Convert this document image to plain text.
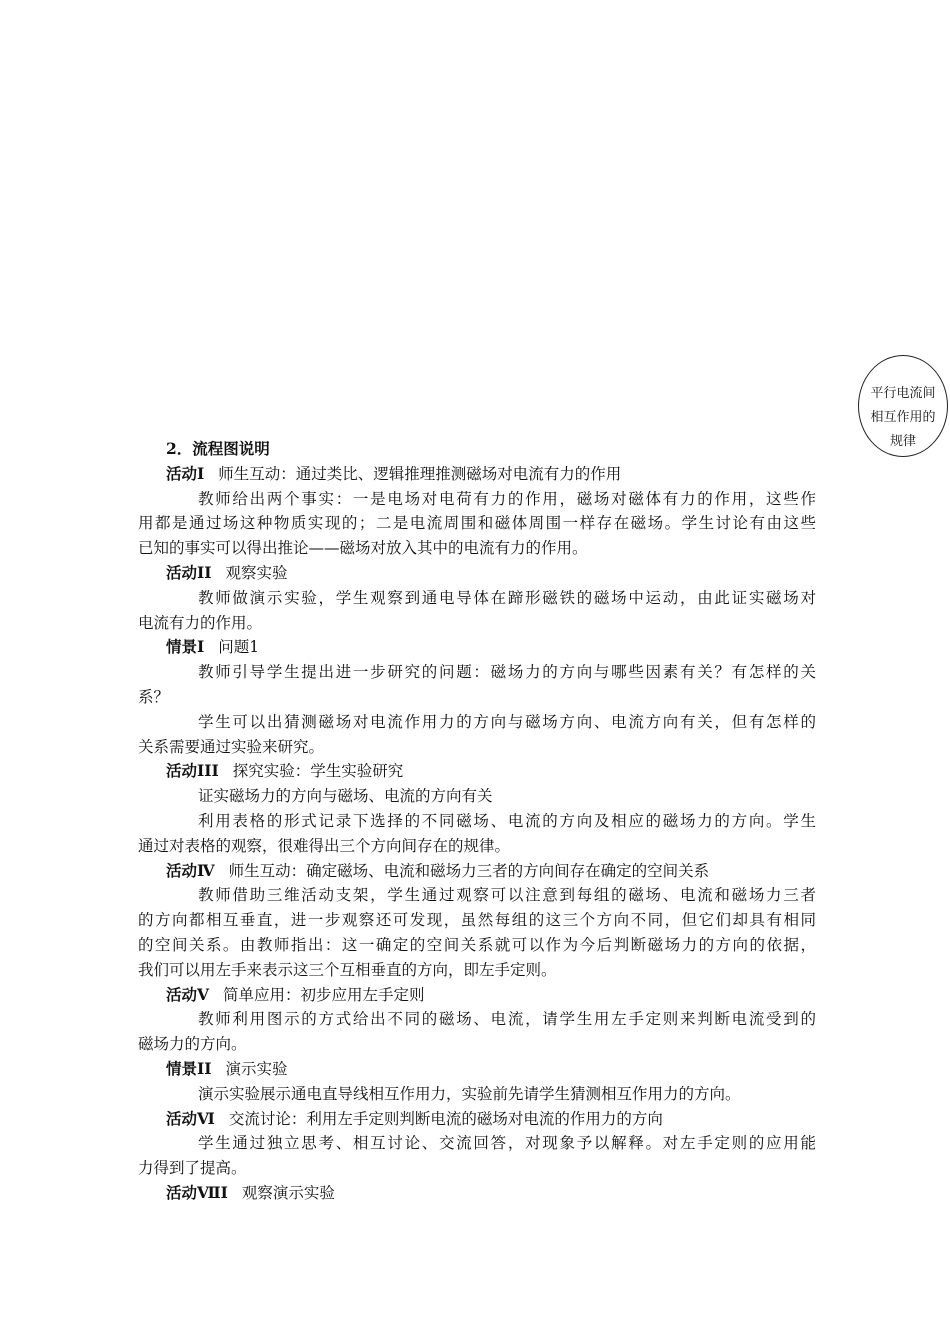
平行电流间
相互作用的
规律
2．流程图说明
活动Ⅰ 师生互动：通过类比、逻辑推理推测磁场对电流有力的作用
教师给出两个事实：一是电场对电荷有力的作用，磁场对磁体有力的作用，这些作
用都是通过场这种物质实现的；二是电流周围和磁体周围一样存在磁场。学生讨论有由这些
已知的事实可以得出推论——磁场对放入其中的电流有力的作用。
活动II 观察实验
教师做演示实验，学生观察到通电导体在蹄形磁铁的磁场中运动，由此证实磁场对
电流有力的作用。
情景Ⅰ 问题1
教师引导学生提出进一步研究的问题：磁场力的方向与哪些因素有关？有怎样的关
系？
学生可以出猜测磁场对电流作用力的方向与磁场方向、电流方向有关，但有怎样的
关系需要通过实验来研究。
活动III 探究实验：学生实验研究
证实磁场力的方向与磁场、电流的方向有关
利用表格的形式记录下选择的不同磁场、电流的方向及相应的磁场力的方向。学生
通过对表格的观察，很难得出三个方向间存在的规律。
活动Ⅳ 师生互动：确定磁场、电流和磁场力三者的方向间存在确定的空间关系
教师借助三维活动支架，学生通过观察可以注意到每组的磁场、电流和磁场力三者
的方向都相互垂直，进一步观察还可发现，虽然每组的这三个方向不同，但它们却具有相同
的空间关系。由教师指出：这一确定的空间关系就可以作为今后判断磁场力的方向的依据，
我们可以用左手来表示这三个互相垂直的方向，即左手定则。
活动Ⅴ 简单应用：初步应用左手定则
教师利用图示的方式给出不同的磁场、电流，请学生用左手定则来判断电流受到的
磁场力的方向。
情景II 演示实验
演示实验展示通电直导线相互作用力，实验前先请学生猜测相互作用力的方向。
活动Ⅵ 交流讨论：利用左手定则判断电流的磁场对电流的作用力的方向
学生通过独立思考、相互讨论、交流回答，对现象予以解释。对左手定则的应用能
力得到了提高。
活动ⅦI 观察演示实验
